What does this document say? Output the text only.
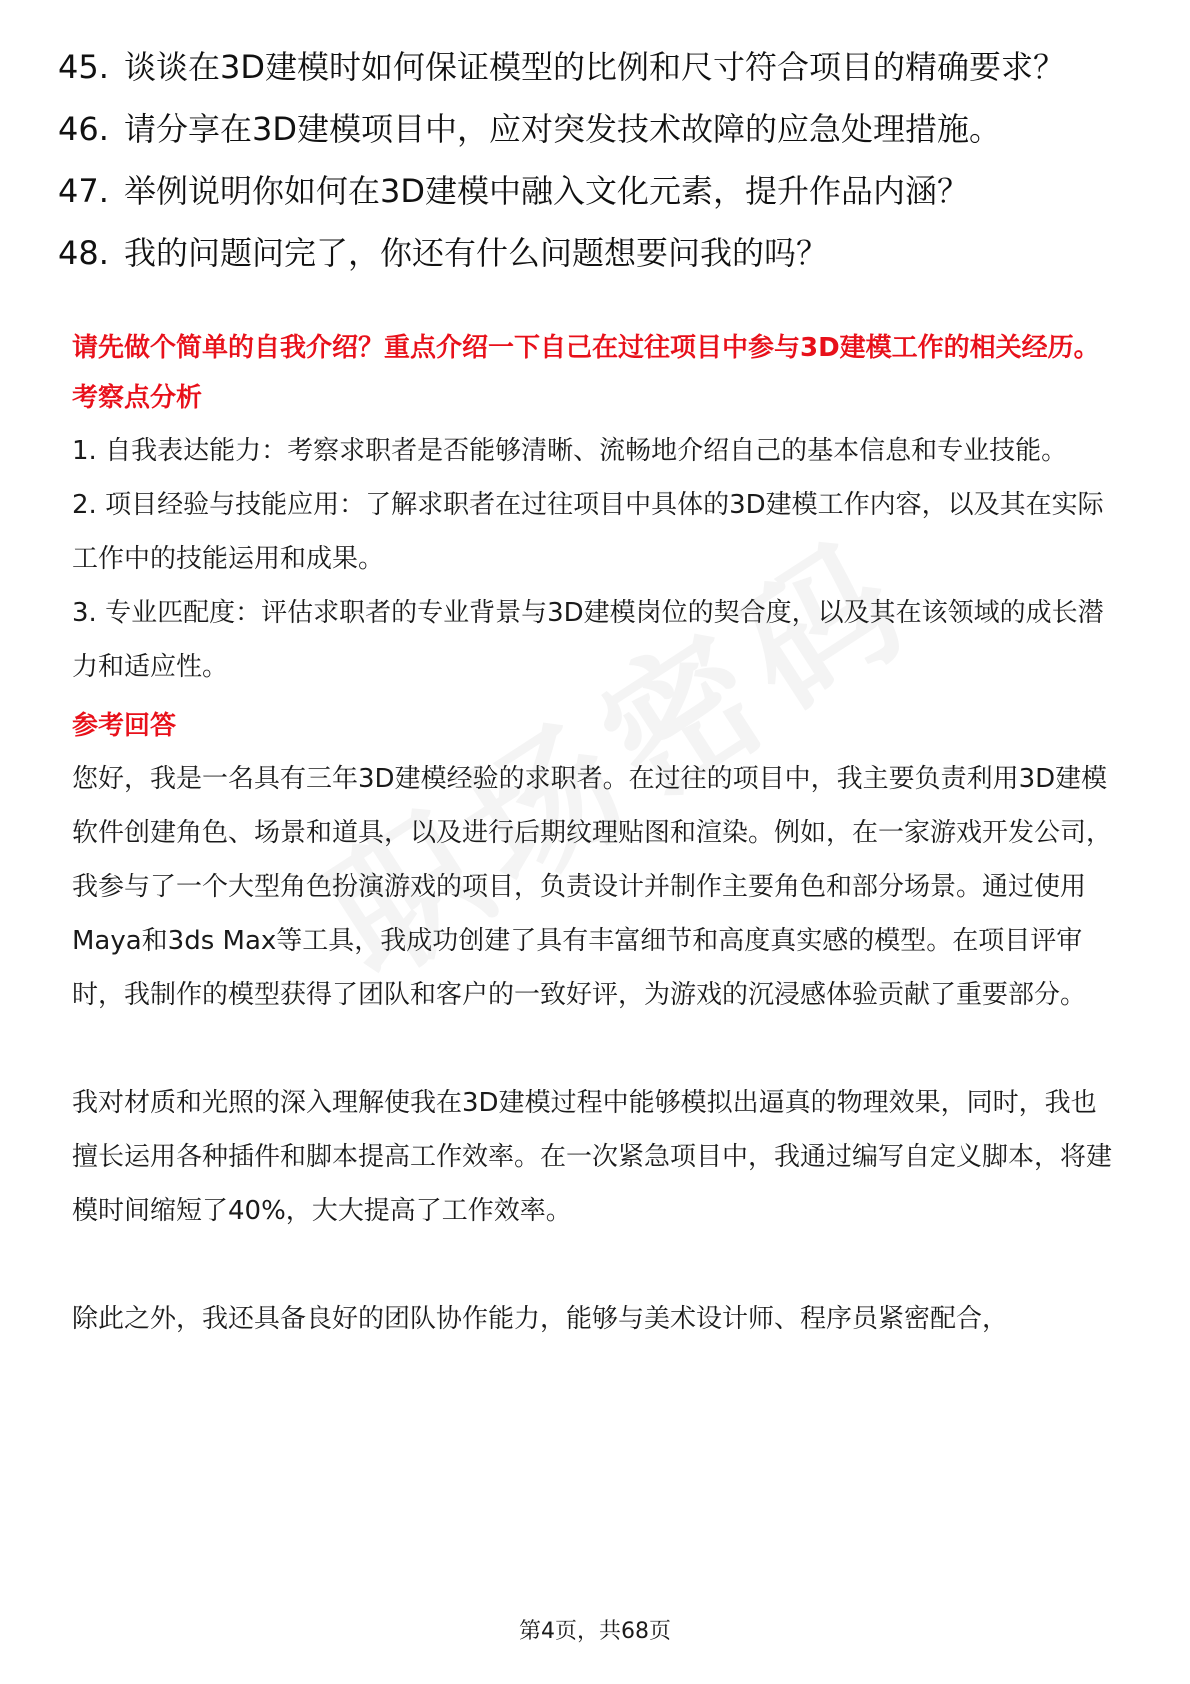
45. 谈谈在3D建模时如何保证模型的比例和尺寸符合项目的精确要求？
46. 请分享在3D建模项目中，应对突发技术故障的应急处理措施。
47. 举例说明你如何在3D建模中融入文化元素，提升作品内涵？
48. 我的问题问完了，你还有什么问题想要问我的吗？

请先做个简单的自我介绍？重点介绍一下自己在过往项目中参与3D建模工作的相关经历。

考察点分析

1. 自我表达能力：考察求职者是否能够清晰、流畅地介绍自己的基本信息和专业技能。

2. 项目经验与技能应用：了解求职者在过往项目中具体的3D建模工作内容，以及其在实际工作中的技能运用和成果。

3. 专业匹配度：评估求职者的专业背景与3D建模岗位的契合度，以及其在该领域的成长潜力和适应性。

参考回答

您好，我是一名具有三年3D建模经验的求职者。在过往的项目中，我主要负责利用3D建模软件创建角色、场景和道具，以及进行后期纹理贴图和渲染。例如，在一家游戏开发公司，我参与了一个大型角色扮演游戏的项目，负责设计并制作主要角色和部分场景。通过使用Maya和3ds Max等工具，我成功创建了具有丰富细节和高度真实感的模型。在项目评审时，我制作的模型获得了团队和客户的一致好评，为游戏的沉浸感体验贡献了重要部分。

我对材质和光照的深入理解使我在3D建模过程中能够模拟出逼真的物理效果，同时，我也擅长运用各种插件和脚本提高工作效率。在一次紧急项目中，我通过编写自定义脚本，将建模时间缩短了40%，大大提高了工作效率。

除此之外，我还具备良好的团队协作能力，能够与美术设计师、程序员紧密配合，

第4页，共68页
